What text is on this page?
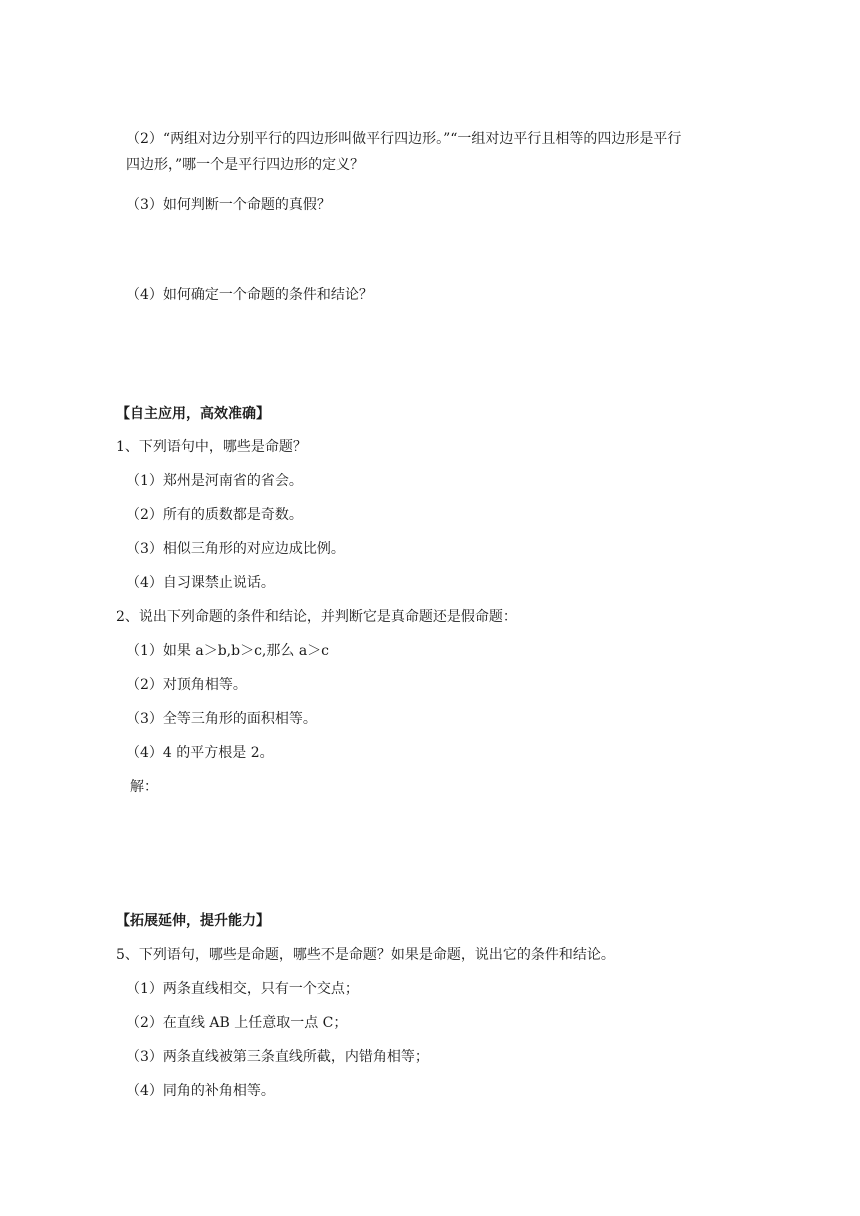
（2）“两组对边分别平行的四边形叫做平行四边形。”“一组对边平行且相等的四边形是平行
四边形，”哪一个是平行四边形的定义？
（3）如何判断一个命题的真假？
（4）如何确定一个命题的条件和结论？
【自主应用，高效准确】
1、下列语句中，哪些是命题？
（1）郑州是河南省的省会。
（2）所有的质数都是奇数。
（3）相似三角形的对应边成比例。
（4）自习课禁止说话。
2、说出下列命题的条件和结论，并判断它是真命题还是假命题：
（1）如果 a＞b,b＞c,那么 a＞c
（2）对顶角相等。
（3）全等三角形的面积相等。
（4）4 的平方根是 2。
解：
【拓展延伸，提升能力】
5、下列语句，哪些是命题，哪些不是命题？如果是命题，说出它的条件和结论。
（1）两条直线相交，只有一个交点；
（2）在直线 AB 上任意取一点 C；
（3）两条直线被第三条直线所截，内错角相等；
（4）同角的补角相等。
